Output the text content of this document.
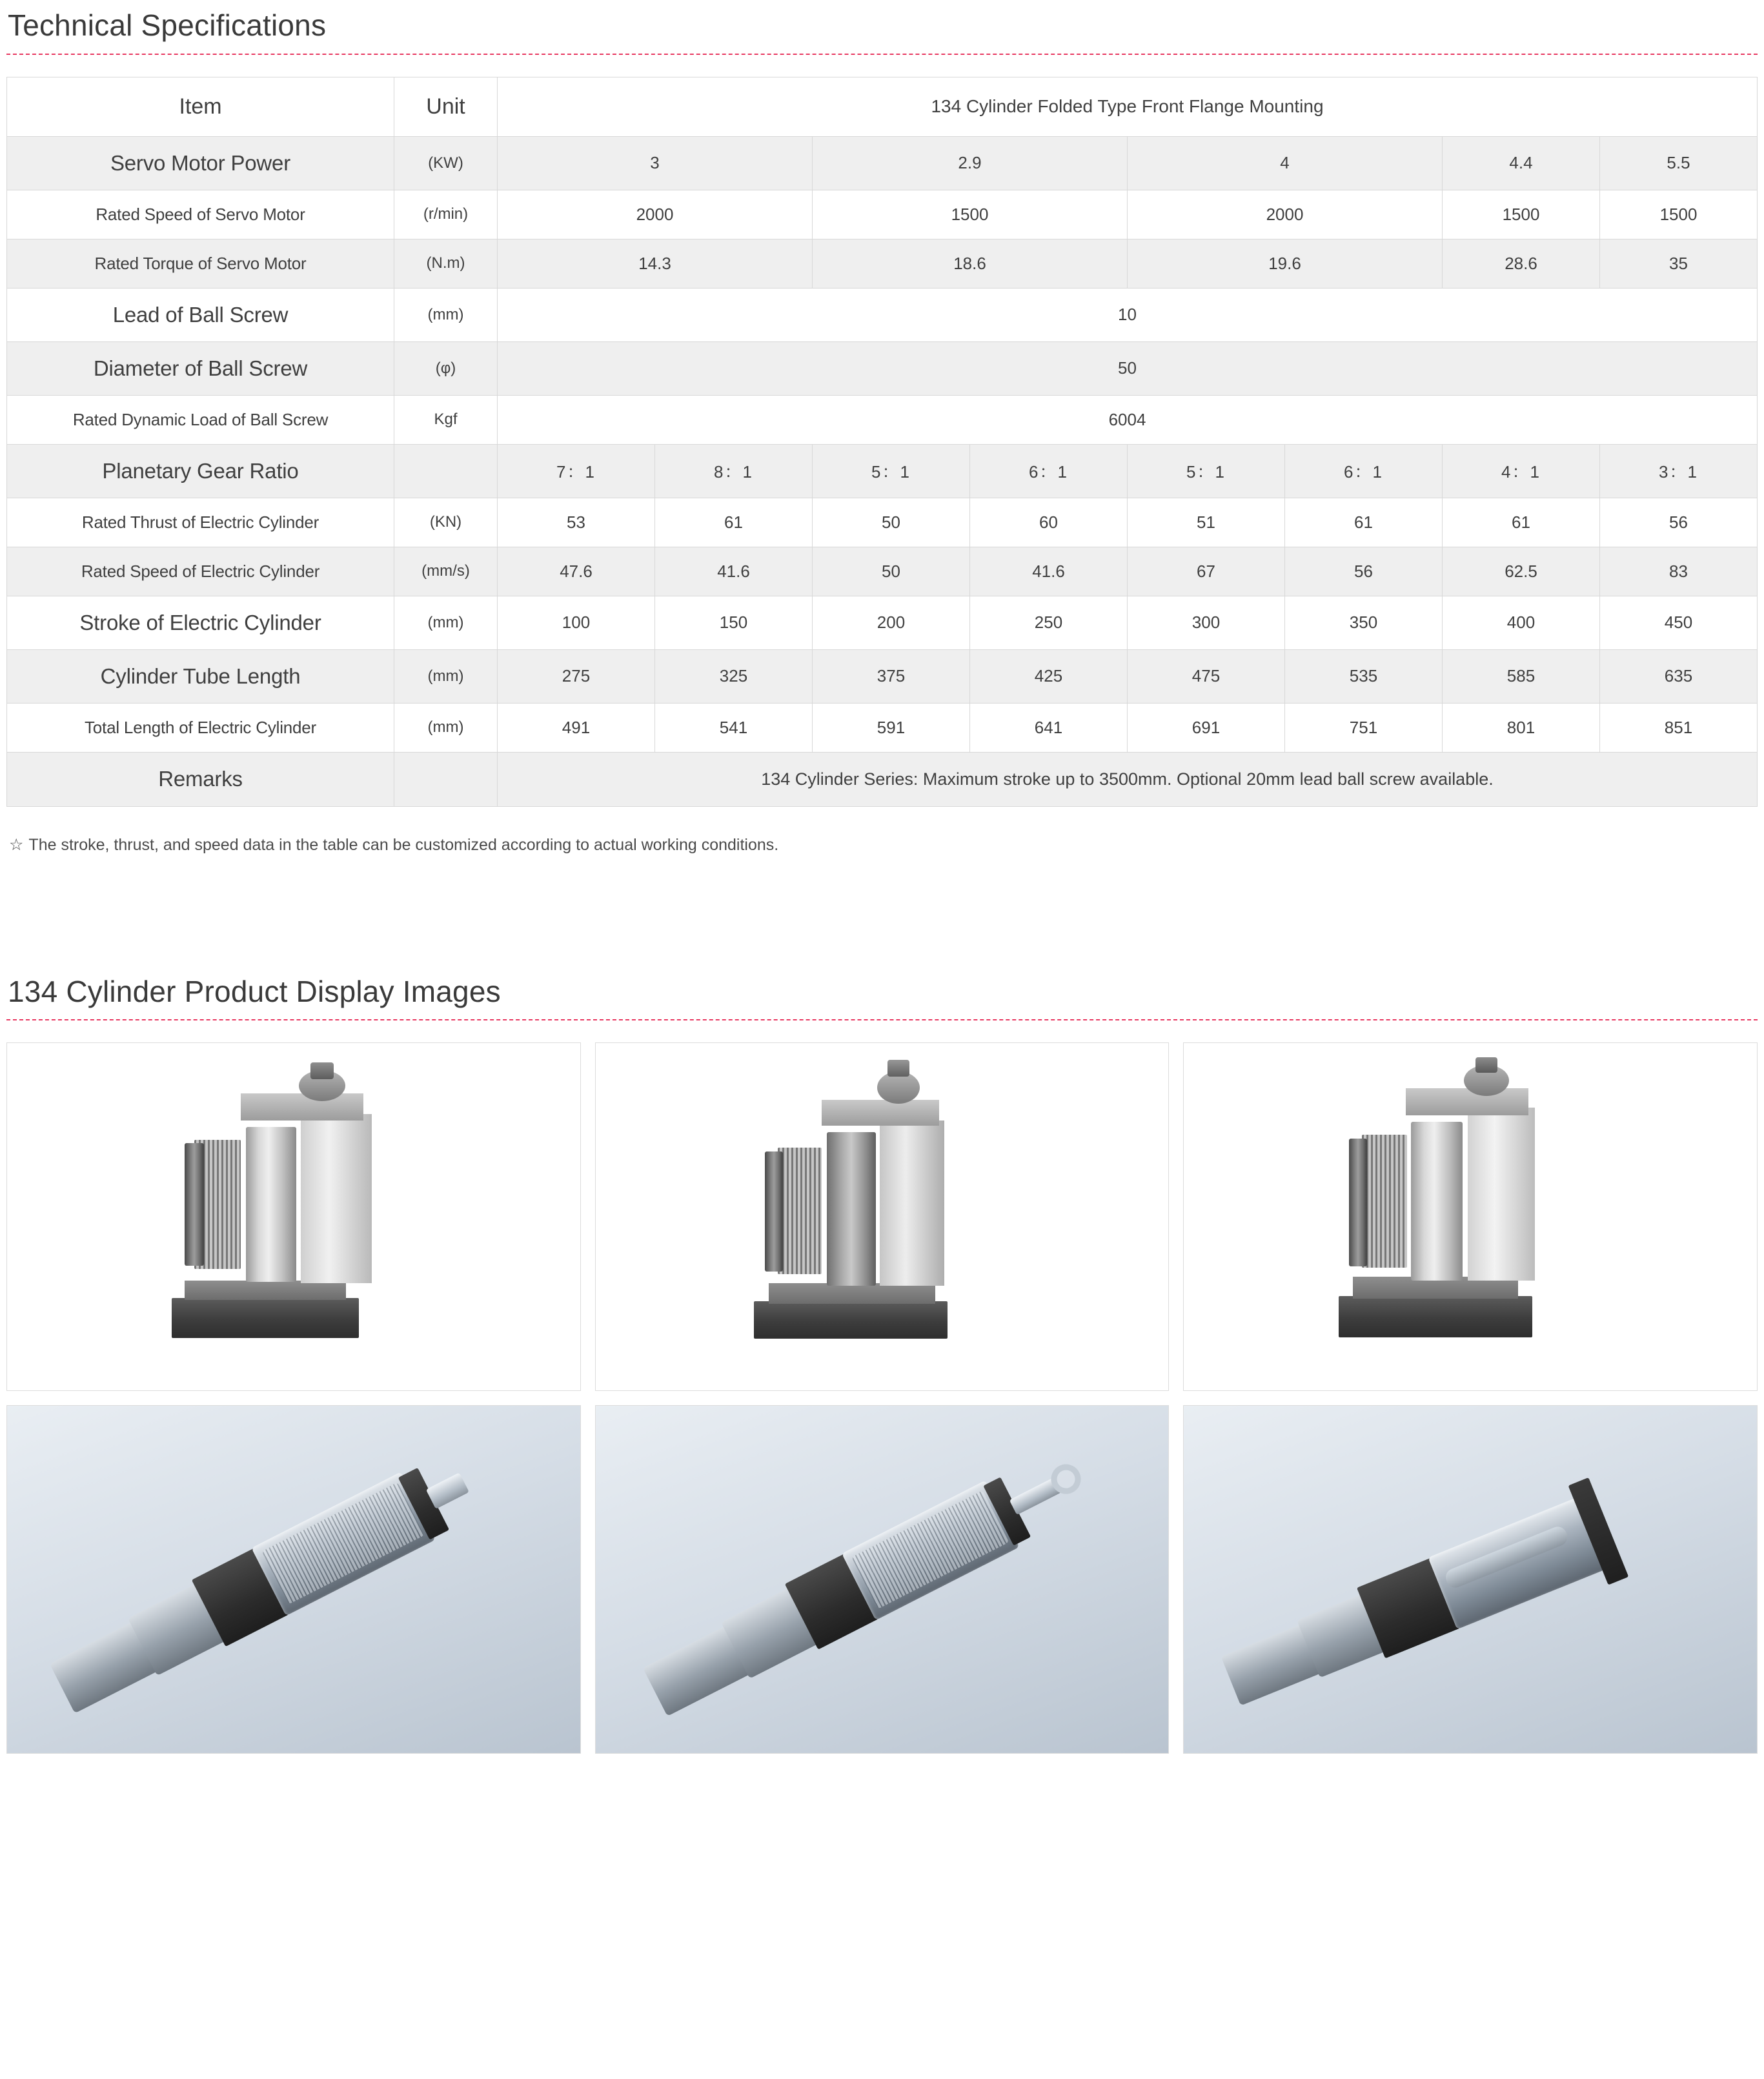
Technical Specifications
Item	Unit	134 Cylinder Folded Type Front Flange Mounting							
Servo Motor Power	(KW)	3		2.9		4		4.4	5.5
Rated Speed of Servo Motor	(r/min)	2000		1500		2000		1500	1500
Rated Torque of Servo Motor	(N.m)	14.3		18.6		19.6		28.6	35
Lead of Ball Screw	(mm)	10							
Diameter of Ball Screw	(φ)	50							
Rated Dynamic Load of Ball Screw	Kgf	6004							
Planetary Gear Ratio		7：1	8：1	5：1	6：1	5：1	6：1	4：1	3：1
Rated Thrust of Electric Cylinder	(KN)	53	61	50	60	51	61	61	56
Rated Speed of Electric Cylinder	(mm/s)	47.6	41.6	50	41.6	67	56	62.5	83
Stroke of Electric Cylinder	(mm)	100	150	200	250	300	350	400	450
Cylinder Tube Length	(mm)	275	325	375	425	475	535	585	635
Total Length of Electric Cylinder	(mm)	491	541	591	641	691	751	801	851
Remarks		134 Cylinder Series: Maximum stroke up to 3500mm. Optional 20mm lead ball screw available.							
☆ The stroke, thrust, and speed data in the table can be customized according to actual working conditions.
134 Cylinder Product Display Images
